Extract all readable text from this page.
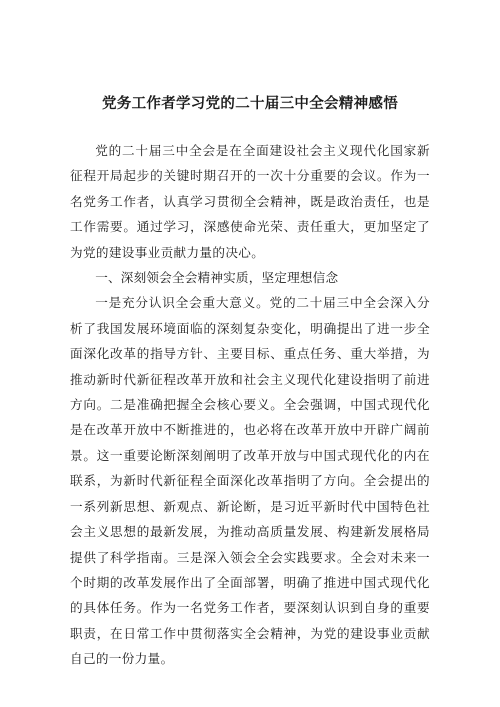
党务工作者学习党的二十届三中全会精神感悟

党的二十届三中全会是在全面建设社会主义现代化国家新征程开局起步的关键时期召开的一次十分重要的会议。作为一名党务工作者，认真学习贯彻全会精神，既是政治责任，也是工作需要。通过学习，深感使命光荣、责任重大，更加坚定了为党的建设事业贡献力量的决心。

一、深刻领会全会精神实质，坚定理想信念

一是充分认识全会重大意义。党的二十届三中全会深入分析了我国发展环境面临的深刻复杂变化，明确提出了进一步全面深化改革的指导方针、主要目标、重点任务、重大举措，为推动新时代新征程改革开放和社会主义现代化建设指明了前进方向。二是准确把握全会核心要义。全会强调，中国式现代化是在改革开放中不断推进的，也必将在改革开放中开辟广阔前景。这一重要论断深刻阐明了改革开放与中国式现代化的内在联系，为新时代新征程全面深化改革指明了方向。全会提出的一系列新思想、新观点、新论断，是习近平新时代中国特色社会主义思想的最新发展，为推动高质量发展、构建新发展格局提供了科学指南。三是深入领会全会实践要求。全会对未来一个时期的改革发展作出了全面部署，明确了推进中国式现代化的具体任务。作为一名党务工作者，要深刻认识到自身的重要职责，在日常工作中贯彻落实全会精神，为党的建设事业贡献自己的一份力量。
